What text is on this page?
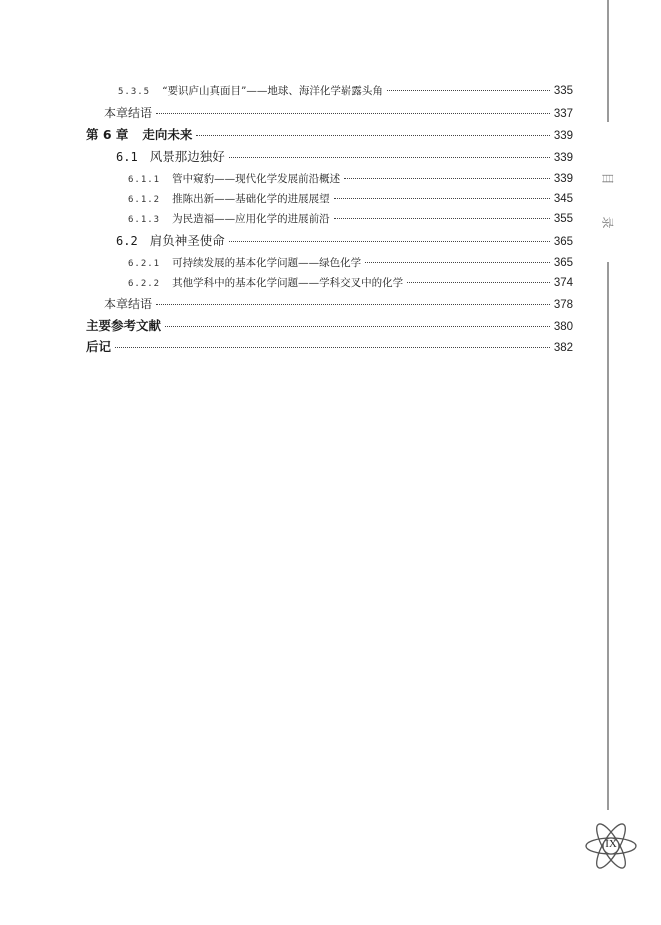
5.3.5 “要识庐山真面目”——地球、海洋化学崭露头角	335
本章结语	337
第 6 章 走向未来	339
6.1 风景那边独好	339
6.1.1 管中窥豹——现代化学发展前沿概述	339
6.1.2 推陈出新——基础化学的进展展望	345
6.1.3 为民造福——应用化学的进展前沿	355
6.2 肩负神圣使命	365
6.2.1 可持续发展的基本化学问题——绿色化学	365
6.2.2 其他学科中的基本化学问题——学科交叉中的化学	374
本章结语	378
主要参考文献	380
后记	382
目
录
IX
